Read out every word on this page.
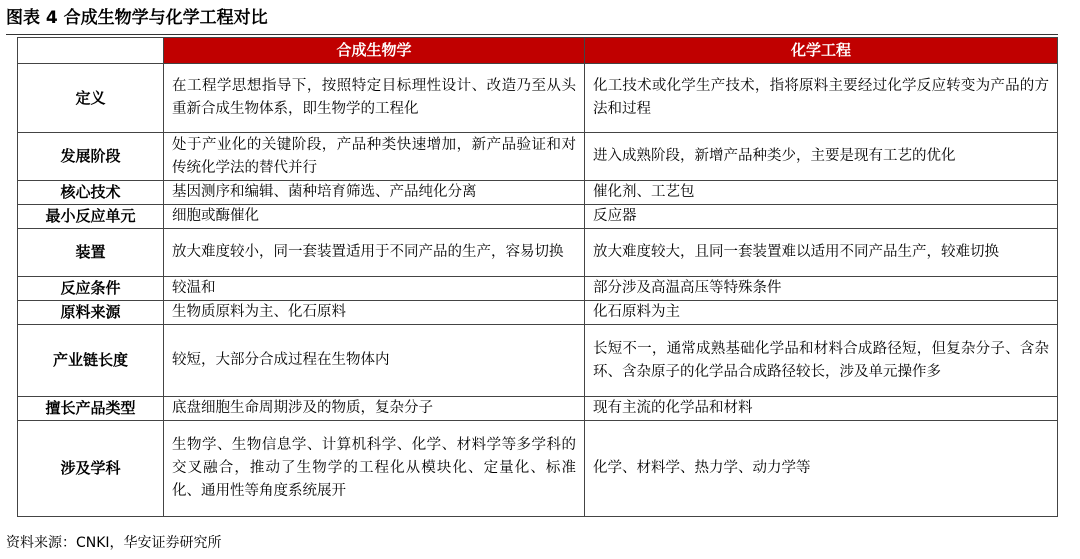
图表 4 合成生物学与化学工程对比
	合成生物学	化学工程
定义	在工程学思想指导下，按照特定目标理性设计、改造乃至从头重新合成生物体系，即生物学的工程化	化工技术或化学生产技术，指将原料主要经过化学反应转变为产品的方法和过程
发展阶段	处于产业化的关键阶段，产品种类快速增加，新产品验证和对传统化学法的替代并行	进入成熟阶段，新增产品种类少，主要是现有工艺的优化
核心技术	基因测序和编辑、菌种培育筛选、产品纯化分离	催化剂、工艺包
最小反应单元	细胞或酶催化	反应器
装置	放大难度较小，同一套装置适用于不同产品的生产，容易切换	放大难度较大，且同一套装置难以适用不同产品生产，较难切换
反应条件	较温和	部分涉及高温高压等特殊条件
原料来源	生物质原料为主、化石原料	化石原料为主
产业链长度	较短，大部分合成过程在生物体内	长短不一，通常成熟基础化学品和材料合成路径短，但复杂分子、含杂环、含杂原子的化学品合成路径较长，涉及单元操作多
擅长产品类型	底盘细胞生命周期涉及的物质，复杂分子	现有主流的化学品和材料
涉及学科	生物学、生物信息学、计算机科学、化学、材料学等多学科的交叉融合，推动了生物学的工程化从模块化、定量化、标准化、通用性等角度系统展开	化学、材料学、热力学、动力学等
资料来源：CNKI，华安证券研究所
